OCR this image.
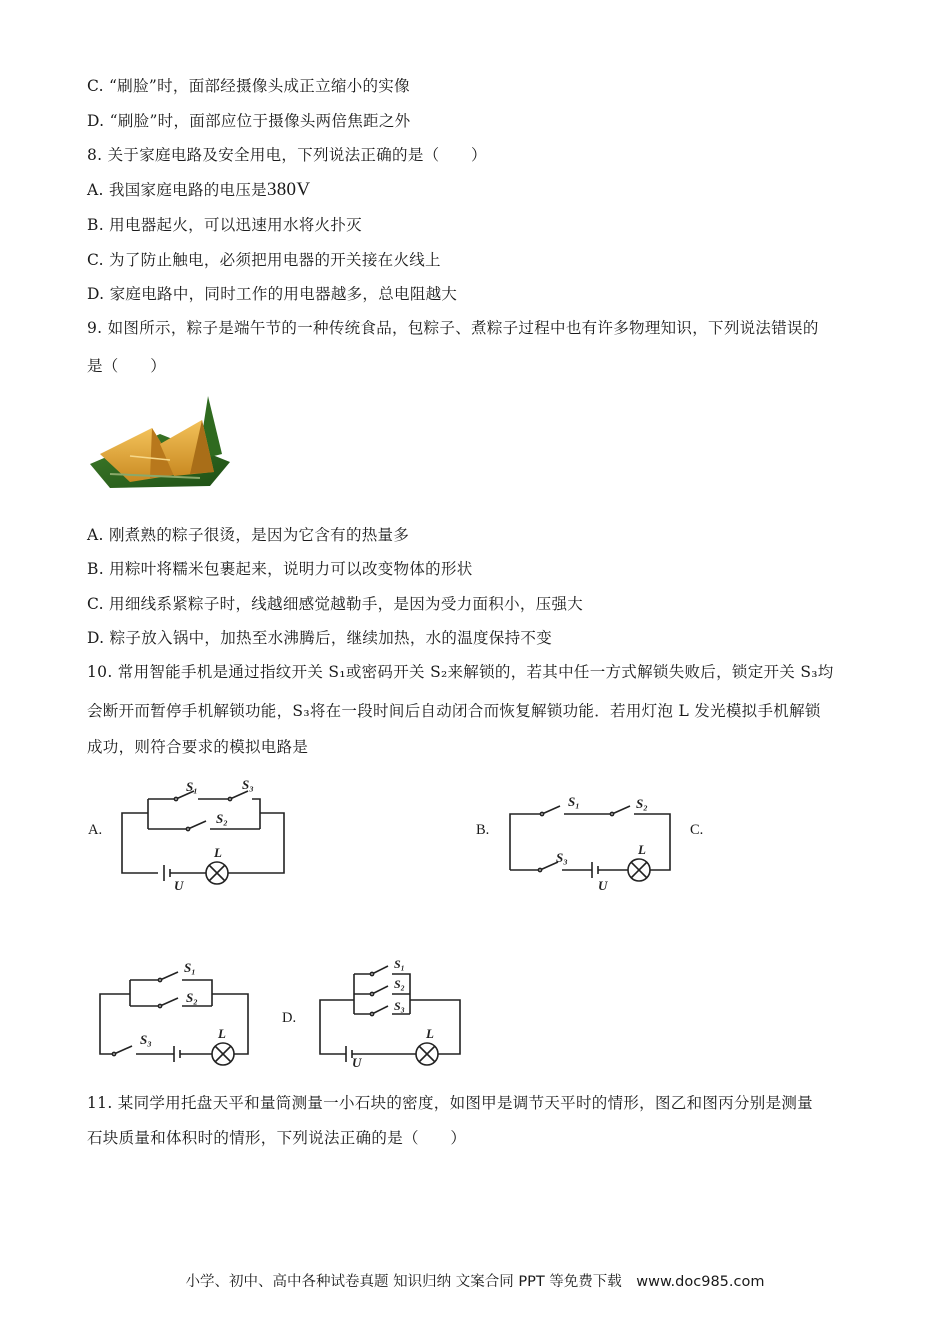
C. “刷脸”时，面部经摄像头成正立缩小的实像
D. “刷脸”时，面部应位于摄像头两倍焦距之外
8. 关于家庭电路及安全用电，下列说法正确的是（　　）
A. 我国家庭电路的电压是380V
B. 用电器起火，可以迅速用水将火扑灭
C. 为了防止触电，必须把用电器的开关接在火线上
D. 家庭电路中，同时工作的用电器越多，总电阻越大
9. 如图所示，粽子是端午节的一种传统食品，包粽子、煮粽子过程中也有许多物理知识，下列说法错误的
是（　　）
A. 刚煮熟的粽子很烫，是因为它含有的热量多
B. 用粽叶将糯米包裹起来，说明力可以改变物体的形状
C. 用细线系紧粽子时，线越细感觉越勒手，是因为受力面积小，压强大
D. 粽子放入锅中，加热至水沸腾后，继续加热，水的温度保持不变
10. 常用智能手机是通过指纹开关 S₁或密码开关 S₂来解锁的，若其中任一方式解锁失败后，锁定开关 S₃均
会断开而暂停手机解锁功能，S₃将在一段时间后自动闭合而恢复解锁功能．若用灯泡 L 发光模拟手机解锁
成功，则符合要求的模拟电路是
A.	B.	C.
D.
S₁	S₃
S₂
L
U
S₁	S₂
S₃
L
U
S₁
S₂
S₃	L
S₁
S₂
S₃
L
U
11. 某同学用托盘天平和量筒测量一小石块的密度，如图甲是调节天平时的情形，图乙和图丙分别是测量
石块质量和体积时的情形，下列说法正确的是（　　）
小学、初中、高中各种试卷真题 知识归纳 文案合同 PPT 等免费下载　www.doc985.com
